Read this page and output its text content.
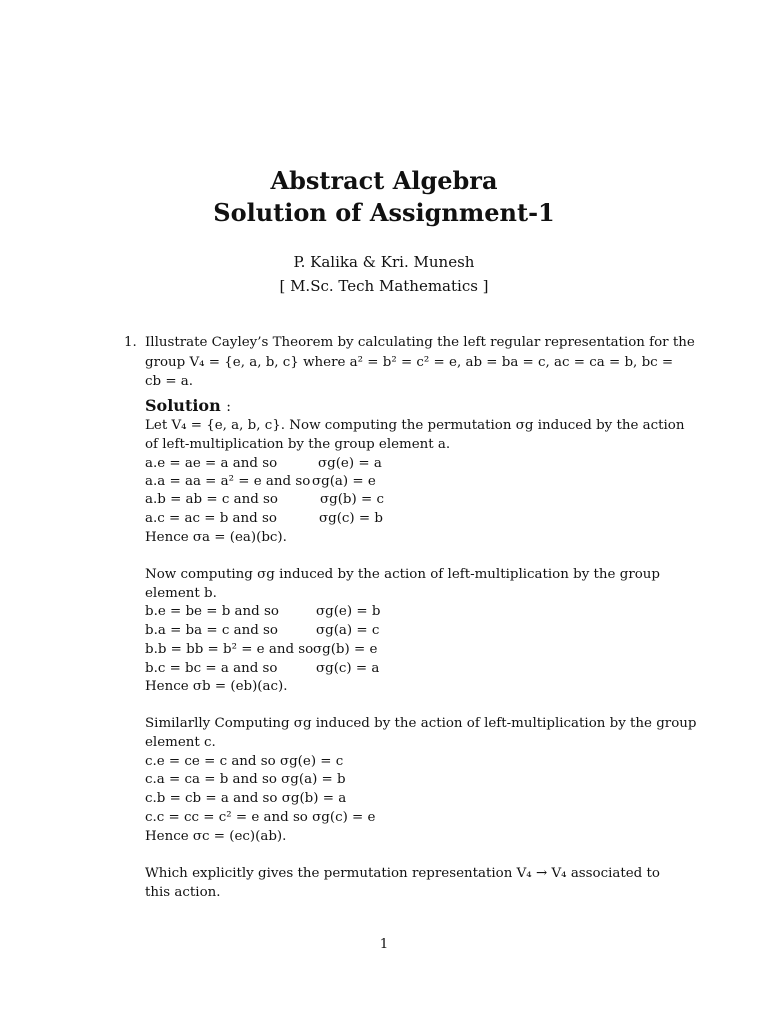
Abstract Algebra
Solution of Assignment-1
P. Kalika & Kri. Munesh
[ M.Sc. Tech Mathematics ]
1. Illustrate Cayley’s Theorem by calculating the left regular representation for the
group V₄ = {e, a, b, c} where a² = b² = c² = e, ab = ba = c, ac = ca = b, bc =
cb = a.
Solution :
Let V₄ = {e, a, b, c}. Now computing the permutation σg induced by the action
of left-multiplication by the group element a.
a.e = ae = a and so	σg(e) = a
a.a = aa = a² = e and so σg(a) = e
a.b = ab = c and so	σg(b) = c
a.c = ac = b and so	σg(c) = b
Hence σa = (ea)(bc).
Now computing σg induced by the action of left-multiplication by the group
element b.
b.e = be = b and so	σg(e) = b
b.a = ba = c and so	σg(a) = c
b.b = bb = b² = e and so σg(b) = e
b.c = bc = a and so	σg(c) = a
Hence σb = (eb)(ac).
Similarlly Computing σg induced by the action of left-multiplication by the group
element c.
c.e = ce = c and so σg(e) = c
c.a = ca = b and so σg(a) = b
c.b = cb = a and so σg(b) = a
c.c = cc = c² = e and so σg(c) = e
Hence σc = (ec)(ab).
Which explicitly gives the permutation representation V₄ → V₄ associated to
this action.
1
